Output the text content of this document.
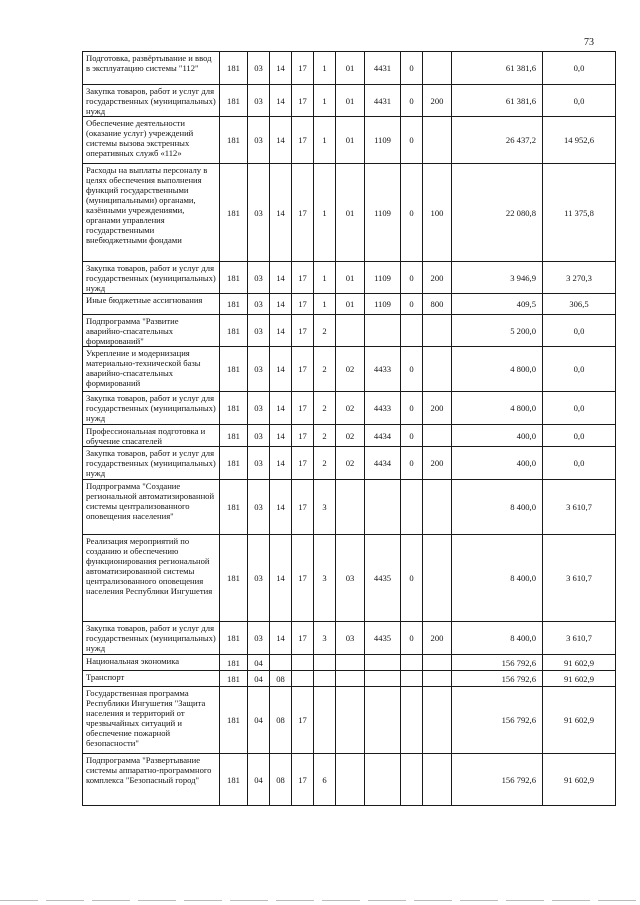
73
Подготовка, развёртывание и ввод в эксплуатацию системы "112"	181	03	14	17	1	01	4431	0		61 381,6	0,0
Закупка товаров, работ и услуг для государственных (муниципальных) нужд	181	03	14	17	1	01	4431	0	200	61 381,6	0,0
Обеспечение деятельности (оказание услуг) учреждений системы вызова экстренных оперативных служб «112»	181	03	14	17	1	01	1109	0		26 437,2	14 952,6
Расходы на выплаты персоналу в целях обеспечения выполнения функций государственными (муниципальными) органами, казёнными учреждениями, органами управления государственными внебюджетными фондами	181	03	14	17	1	01	1109	0	100	22 080,8	11 375,8
Закупка товаров, работ и услуг для государственных (муниципальных) нужд	181	03	14	17	1	01	1109	0	200	3 946,9	3 270,3
Иные бюджетные ассигнования	181	03	14	17	1	01	1109	0	800	409,5	306,5
Подпрограмма "Развитие аварийно-спасательных формирований"	181	03	14	17	2					5 200,0	0,0
Укрепление и модернизация материально-технической базы аварийно-спасательных формирований	181	03	14	17	2	02	4433	0		4 800,0	0,0
Закупка товаров, работ и услуг для государственных (муниципальных) нужд	181	03	14	17	2	02	4433	0	200	4 800,0	0,0
Профессиональная подготовка и обучение спасателей	181	03	14	17	2	02	4434	0		400,0	0,0
Закупка товаров, работ и услуг для государственных (муниципальных) нужд	181	03	14	17	2	02	4434	0	200	400,0	0,0
Подпрограмма "Создание региональной автоматизированной системы централизованного оповещения населения"	181	03	14	17	3					8 400,0	3 610,7
Реализация мероприятий по созданию и обеспечению функционирования региональной автоматизированной системы централизованного оповещения населения Республики Ингушетия	181	03	14	17	3	03	4435	0		8 400,0	3 610,7
Закупка товаров, работ и услуг для государственных (муниципальных) нужд	181	03	14	17	3	03	4435	0	200	8 400,0	3 610,7
Национальная экономика	181	04								156 792,6	91 602,9
Транспорт	181	04	08							156 792,6	91 602,9
Государственная программа Республики Ингушетия "Защита населения и территорий от чрезвычайных ситуаций и обеспечение пожарной безопасности"	181	04	08	17						156 792,6	91 602,9
Подпрограмма "Развертывание системы аппаратно-программного комплекса "Безопасный город"	181	04	08	17	6					156 792,6	91 602,9
